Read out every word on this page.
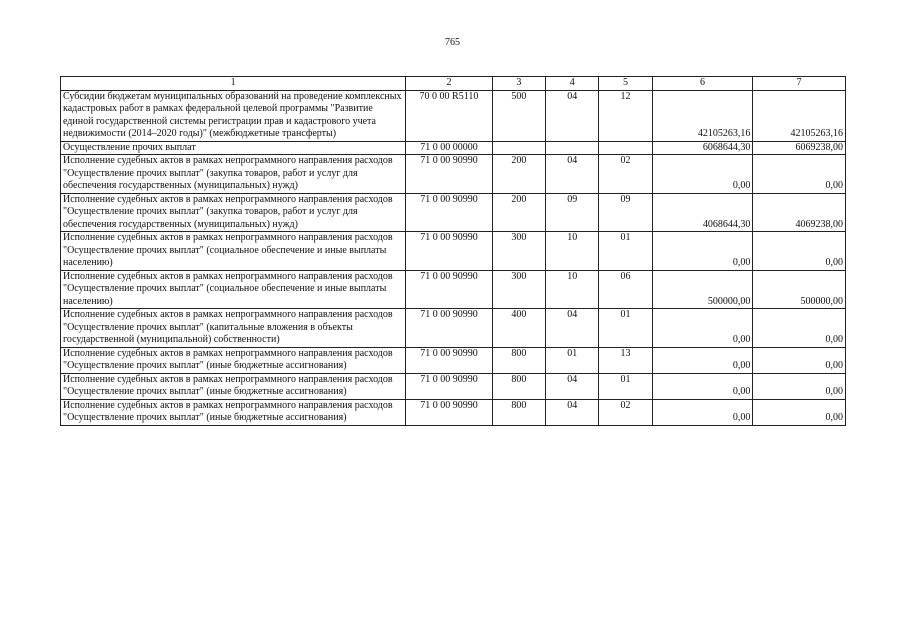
765
1	2	3	4	5	6	7
Субсидии бюджетам муниципальных образований на проведение комплексных кадастровых работ в рамках федеральной целевой программы "Развитие единой государственной системы регистрации прав и кадастрового учета недвижимости (2014–2020 годы)" (межбюджетные трансферты)	70 0 00 R5110	500	04	12	42105263,16	42105263,16
Осуществление прочих выплат	71 0 00 00000				6068644,30	6069238,00
Исполнение судебных актов в рамках непрограммного направления расходов "Осуществление прочих выплат" (закупка товаров, работ и услуг для обеспечения государственных (муниципальных) нужд)	71 0 00 90990	200	04	02	0,00	0,00
Исполнение судебных актов в рамках непрограммного направления расходов "Осуществление прочих выплат" (закупка товаров, работ и услуг для обеспечения государственных (муниципальных) нужд)	71 0 00 90990	200	09	09	4068644,30	4069238,00
Исполнение судебных актов в рамках непрограммного направления расходов "Осуществление прочих выплат" (социальное обеспечение и иные выплаты населению)	71 0 00 90990	300	10	01	0,00	0,00
Исполнение судебных актов в рамках непрограммного направления расходов "Осуществление прочих выплат" (социальное обеспечение и иные выплаты населению)	71 0 00 90990	300	10	06	500000,00	500000,00
Исполнение судебных актов в рамках непрограммного направления расходов "Осуществление прочих выплат" (капитальные вложения в объекты государственной (муниципальной) собственности)	71 0 00 90990	400	04	01	0,00	0,00
Исполнение судебных актов в рамках непрограммного направления расходов "Осуществление прочих выплат" (иные бюджетные ассигнования)	71 0 00 90990	800	01	13	0,00	0,00
Исполнение судебных актов в рамках непрограммного направления расходов "Осуществление прочих выплат" (иные бюджетные ассигнования)	71 0 00 90990	800	04	01	0,00	0,00
Исполнение судебных актов в рамках непрограммного направления расходов "Осуществление прочих выплат" (иные бюджетные ассигнования)	71 0 00 90990	800	04	02	0,00	0,00
